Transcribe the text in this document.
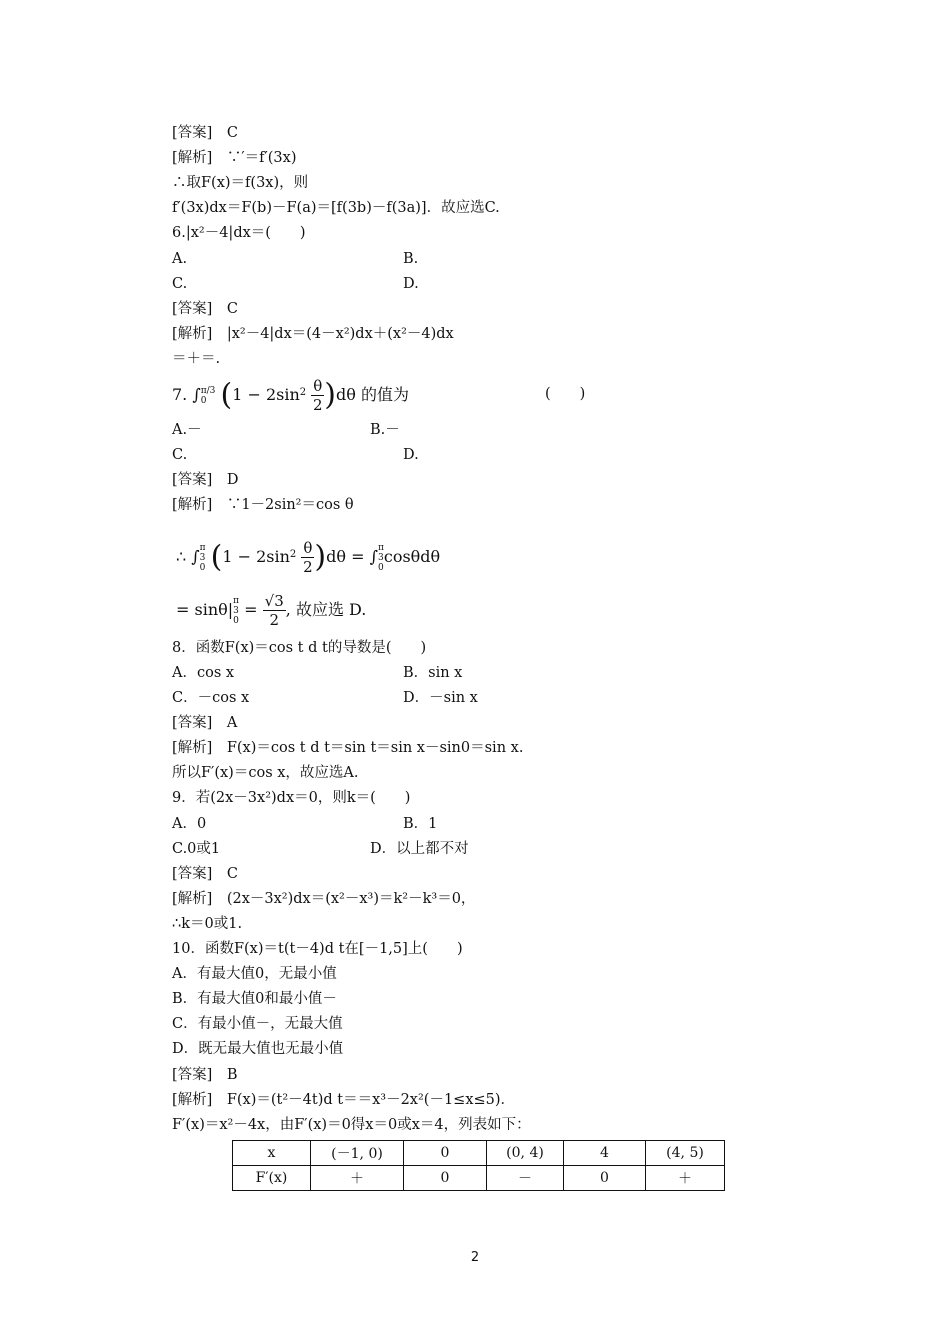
[答案]　C
[解析]　∵′＝f′(3x)
∴取F(x)＝f(3x)，则
f′(3x)dx＝F(b)－F(a)＝[f(3b)－f(3a)]．故应选C.
6.|x²－4|dx＝(　　)
A.	B.
C.	D.
[答案]　C
[解析]　|x²－4|dx＝(4－x²)dx＋(x²－4)dx
＝＋＝.
7. ∫π/3
0 $(1 - 2\sin^2 \frac{\theta}{2} )d\theta$ 的值为	(　　)
A.－	B.－
C.	D.
[答案]　D
[解析]　∵1－2sin²＝cos θ
∴ ∫π
3
0 $(1 - 2\sin^2 \frac{\theta}{2} )d\theta = \int\pi$
3
0cosθdθ
= sinθ|π
3
$0 = \frac{√3}{2}$ , 故应选 D.
8．函数F(x)＝cos t d t的导数是(　　)
A．cos x	B．sin x
C．－cos x	D．－sin x
[答案]　A
[解析]　F(x)＝cos t d t＝sin t＝sin x－sin0＝sin x.
所以F′(x)＝cos x，故应选A.
9．若(2x－3x²)dx＝0，则k＝(　　)
A．0	B．1
C.0或1	D．以上都不对
[答案]　C
[解析]　(2x－3x²)dx＝(x²－x³)＝k²－k³＝0，
∴k＝0或1.
10．函数F(x)＝t(t－4)d t在[－1,5]上(　　)
A．有最大值0，无最小值
B．有最大值0和最小值－
C．有最小值－，无最大值
D．既无最大值也无最小值
[答案]　B
[解析]　F(x)＝(t²－4t)d t＝＝x³－2x²(－1≤x≤5)．
F′(x)＝x²－4x，由F′(x)＝0得x＝0或x＝4，列表如下：
x	(－1, 0)	0	(0, 4)	4	(4, 5)
F′(x)	＋	0	－	0	＋
2
